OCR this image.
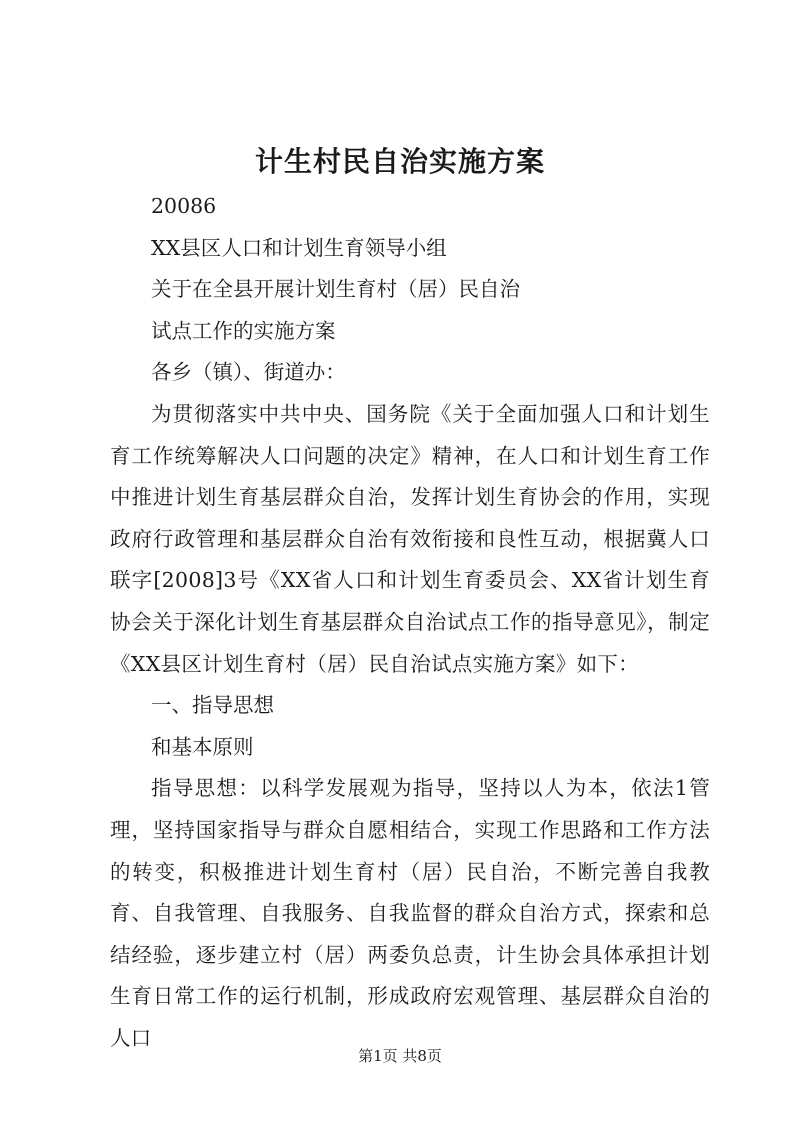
计生村民自治实施方案

20086

XX县区人口和计划生育领导小组

关于在全县开展计划生育村（居）民自治

试点工作的实施方案

各乡（镇）、街道办：

为贯彻落实中共中央、国务院《关于全面加强人口和计划生育工作统筹解决人口问题的决定》精神，在人口和计划生育工作中推进计划生育基层群众自治，发挥计划生育协会的作用，实现政府行政管理和基层群众自治有效衔接和良性互动，根据冀人口联字[2008]3号《XX省人口和计划生育委员会、XX省计划生育协会关于深化计划生育基层群众自治试点工作的指导意见》，制定《XX县区计划生育村（居）民自治试点实施方案》如下：

一、指导思想

和基本原则

指导思想：以科学发展观为指导，坚持以人为本，依法1管理，坚持国家指导与群众自愿相结合，实现工作思路和工作方法的转变，积极推进计划生育村（居）民自治，不断完善自我教育、自我管理、自我服务、自我监督的群众自治方式，探索和总结经验，逐步建立村（居）两委负总责，计生协会具体承担计划生育日常工作的运行机制，形成政府宏观管理、基层群众自治的人口

第1页 共8页
